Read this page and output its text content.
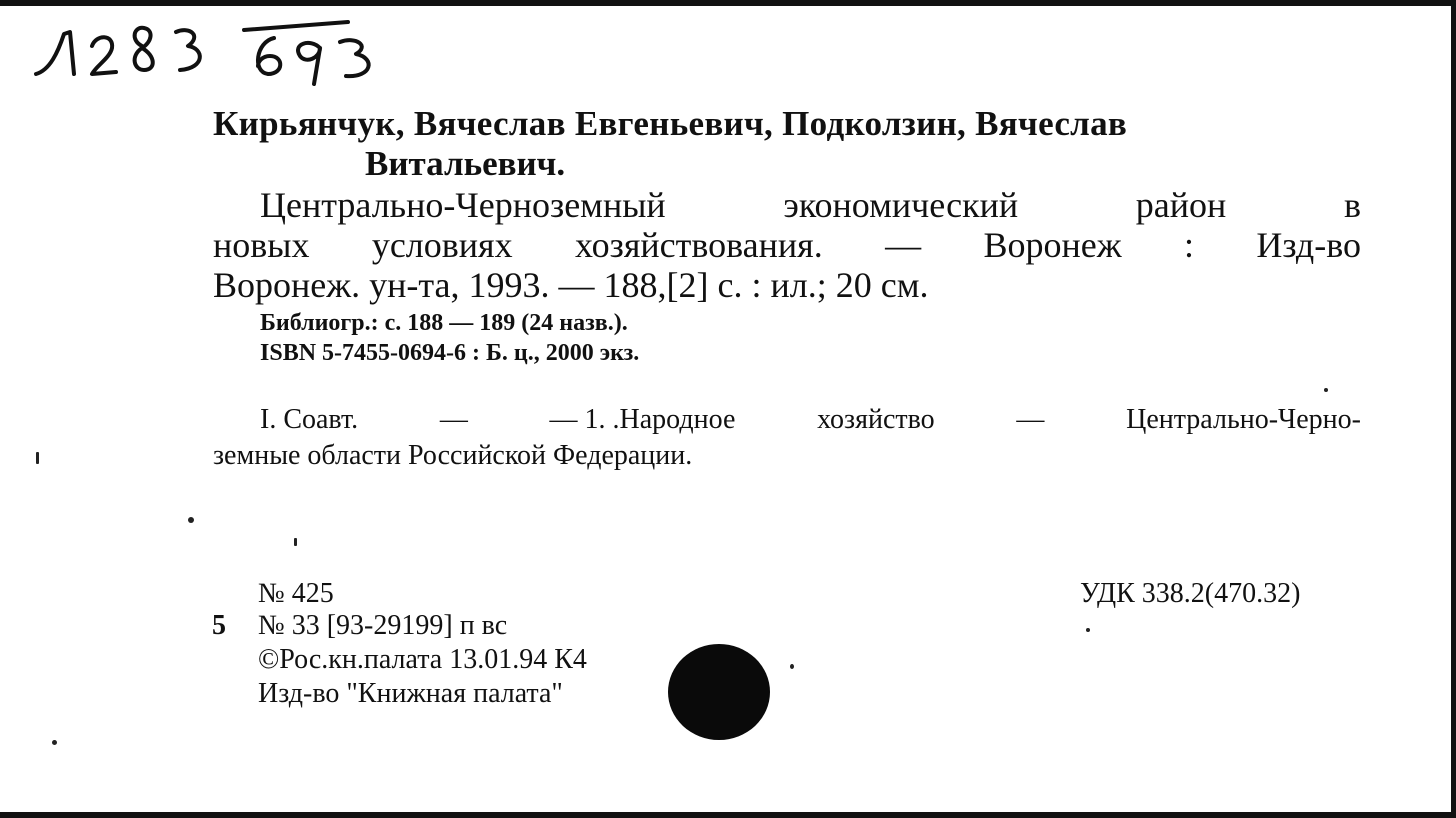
Кирьянчук, Вячеслав Евгеньевич, Подколзин, Вячеслав
Витальевич.
Центрально-Черноземный	экономический	район	в
новых условиях хозяйствования. — Воронеж : Изд-во
Воронеж. ун-та, 1993. — 188,[2] с. : ил.; 20 см.
Библиогр.: с. 188 — 189 (24 назв.).
ISBN 5-7455-0694-6 : Б. ц., 2000 экз.
I. Соавт.	—	— 1. .Народное	хозяйство	—	Центрально-Черно-
земные области Российской Федерации.
№ 425	УДК 338.2(470.32)
5 № 33 [93-29199] п вс
©Рос.кн.палата 13.01.94 К4
Изд-во "Книжная палата"
